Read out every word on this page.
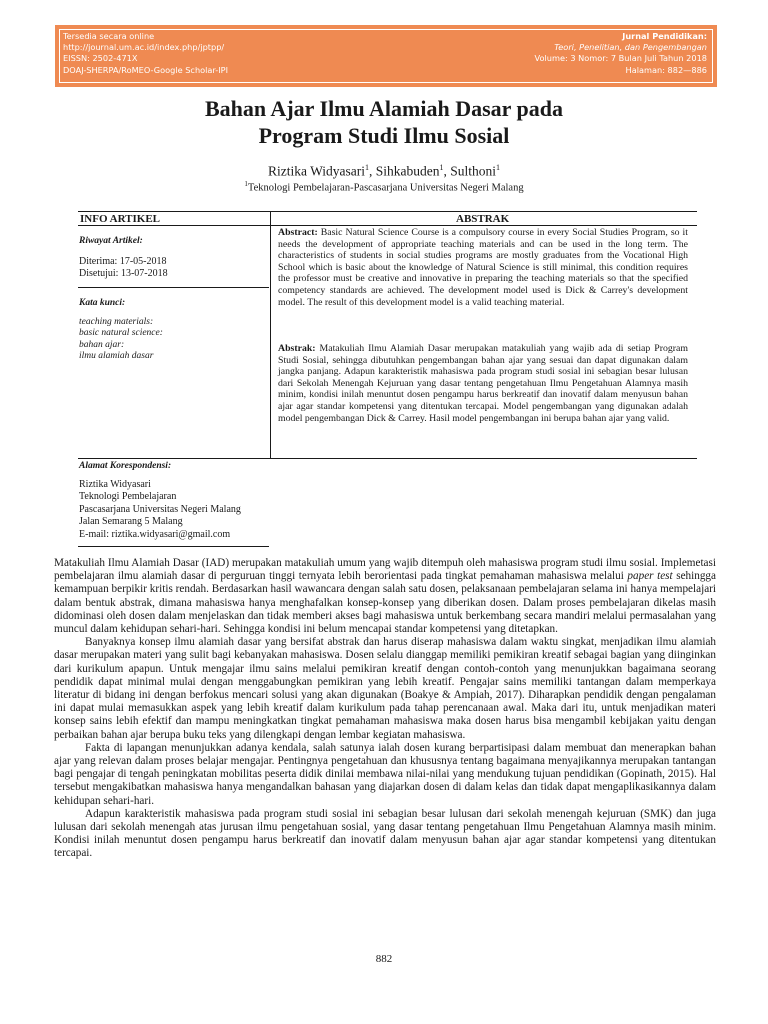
Tersedia secara online
http://journal.um.ac.id/index.php/jptpp/
EISSN: 2502-471X
DOAJ-SHERPA/RoMEO-Google Scholar-IPI
Jurnal Pendidikan:
Teori, Penelitian, dan Pengembangan
Volume: 3 Nomor: 7 Bulan Juli Tahun 2018
Halaman: 882—886
Bahan Ajar Ilmu Alamiah Dasar pada
Program Studi Ilmu Sosial
Riztika Widyasari$^1$, Sihkabuden$^1$, Sulthoni$^1$
$^1$Teknologi Pembelajaran-Pascasarjana Universitas Negeri Malang
INFO ARTIKEL	ABSTRAK
Riwayat Artikel:
Diterima: 17-05-2018
Disetujui: 13-07-2018
Kata kunci:
teaching materials:
basic natural science:
bahan ajar:
ilmu alamiah dasar
Alamat Korespondensi:
Riztika Widyasari
Teknologi Pembelajaran
Pascasarjana Universitas Negeri Malang
Jalan Semarang 5 Malang
E-mail: riztika.widyasari@gmail.com
Abstract: Basic Natural Science Course is a compulsory course in every Social Studies Program, so it needs the development of appropriate teaching materials and can be used in the long term. The characteristics of students in social studies programs are mostly graduates from the Vocational High School which is basic about the knowledge of Natural Science is still minimal, this condition requires the professor must be creative and innovative in preparing the teaching materials so that the specified competency standards are achieved. The development model used is Dick & Carrey's development model. The result of this development model is a valid teaching material.
Abstrak: Matakuliah Ilmu Alamiah Dasar merupakan matakuliah yang wajib ada di setiap Program Studi Sosial, sehingga dibutuhkan pengembangan bahan ajar yang sesuai dan dapat digunakan dalam jangka panjang. Adapun karakteristik mahasiswa pada program studi sosial ini sebagian besar lulusan dari Sekolah Menengah Kejuruan yang dasar tentang pengetahuan Ilmu Pengetahuan Alamnya masih minim, kondisi inilah menuntut dosen pengampu harus berkreatif dan inovatif dalam menyusun bahan ajar agar standar kompetensi yang ditentukan tercapai. Model pengembangan yang digunakan adalah model pengembangan Dick & Carrey. Hasil model pengembangan ini berupa bahan ajar yang valid.

Matakuliah Ilmu Alamiah Dasar (IAD) merupakan matakuliah umum yang wajib ditempuh oleh mahasiswa program studi ilmu sosial. Implemetasi pembelajaran ilmu alamiah dasar di perguruan tinggi ternyata lebih berorientasi pada tingkat pemahaman mahasiswa melalui paper test sehingga kemampuan berpikir kritis rendah. Berdasarkan hasil wawancara dengan salah satu dosen, pelaksanaan pembelajaran selama ini hanya mempelajari dalam bentuk abstrak, dimana mahasiswa hanya menghafalkan konsep-konsep yang diberikan dosen. Dalam proses pembelajaran dikelas masih didominasi oleh dosen dalam menjelaskan dan tidak memberi akses bagi mahasiswa untuk berkembang secara mandiri melalui permasalahan yang muncul dalam kehidupan sehari-hari. Sehingga kondisi ini belum mencapai standar kompetensi yang ditetapkan.

Banyaknya konsep ilmu alamiah dasar yang bersifat abstrak dan harus diserap mahasiswa dalam waktu singkat, menjadikan ilmu alamiah dasar merupakan materi yang sulit bagi kebanyakan mahasiswa. Dosen selalu dianggap memiliki pemikiran kreatif sebagai bagian yang diinginkan dari kurikulum apapun. Untuk mengajar ilmu sains melalui pemikiran kreatif dengan contoh-contoh yang menunjukkan bagaimana seorang pendidik dapat minimal mulai dengan menggabungkan pemikiran yang lebih kreatif. Pengajar sains memiliki tantangan dalam memperkaya literatur di bidang ini dengan berfokus mencari solusi yang akan digunakan (Boakye & Ampiah, 2017). Diharapkan pendidik dengan pengalaman ini dapat mulai memasukkan aspek yang lebih kreatif dalam kurikulum pada tahap perencanaan awal. Maka dari itu, untuk menjadikan materi konsep sains lebih efektif dan mampu meningkatkan tingkat pemahaman mahasiswa maka dosen harus bisa mengambil kebijakan yaitu dengan perbaikan bahan ajar berupa buku teks yang dilengkapi dengan lembar kegiatan mahasiswa.

Fakta di lapangan menunjukkan adanya kendala, salah satunya ialah dosen kurang berpartisipasi dalam membuat dan menerapkan bahan ajar yang relevan dalam proses belajar mengajar. Pentingnya pengetahuan dan khususnya tentang bagaimana menyajikannya merupakan tantangan bagi pengajar di tengah peningkatan mobilitas peserta didik dinilai membawa nilai-nilai yang mendukung tujuan pendidikan (Gopinath, 2015). Hal tersebut mengakibatkan mahasiswa hanya mengandalkan bahasan yang diajarkan dosen di dalam kelas dan tidak dapat mengaplikasikannya dalam kehidupan sehari-hari.

Adapun karakteristik mahasiswa pada program studi sosial ini sebagian besar lulusan dari sekolah menengah kejuruan (SMK) dan juga lulusan dari sekolah menengah atas jurusan ilmu pengetahuan sosial, yang dasar tentang pengetahuan Ilmu Pengetahuan Alamnya masih minim. Kondisi inilah menuntut dosen pengampu harus berkreatif dan inovatif dalam menyusun bahan ajar agar standar kompetensi yang ditentukan tercapai.

882
